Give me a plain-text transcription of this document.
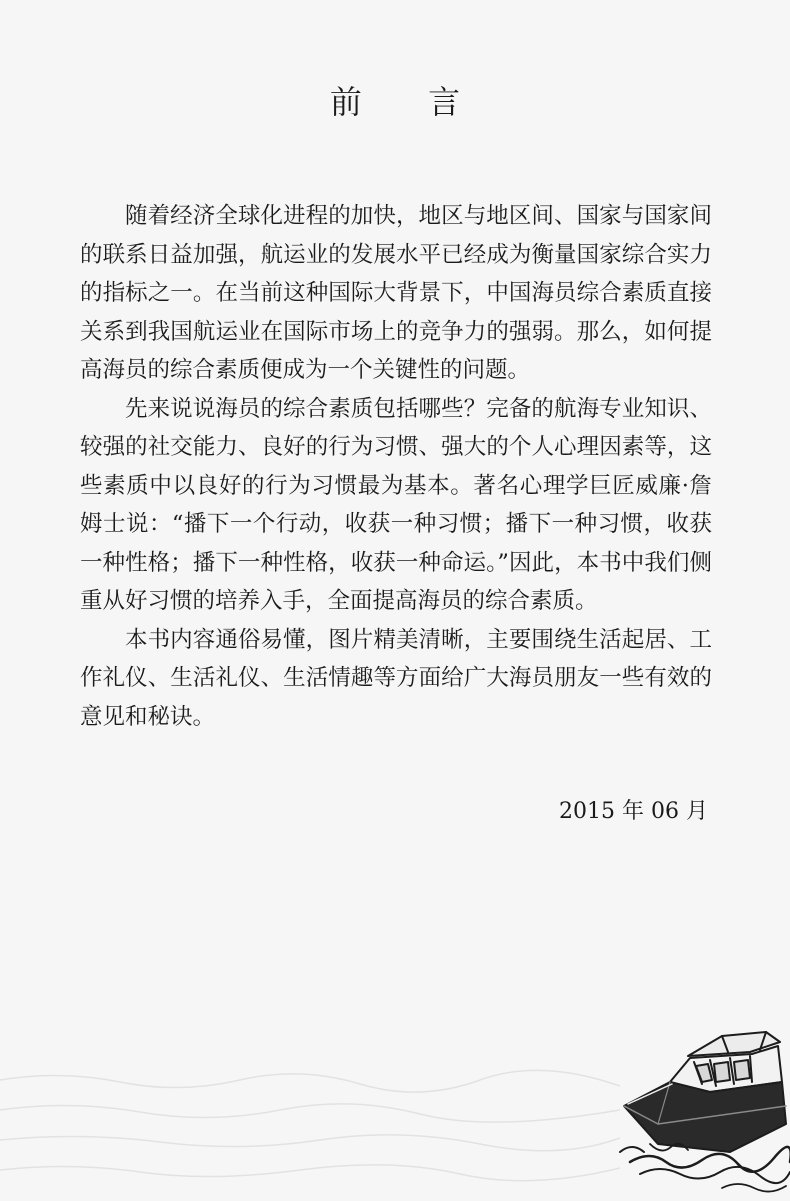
前 言

随着经济全球化进程的加快，地区与地区间、国家与国家间的联系日益加强，航运业的发展水平已经成为衡量国家综合实力的指标之一。在当前这种国际大背景下，中国海员综合素质直接关系到我国航运业在国际市场上的竞争力的强弱。那么，如何提高海员的综合素质便成为一个关键性的问题。

先来说说海员的综合素质包括哪些？完备的航海专业知识、较强的社交能力、良好的行为习惯、强大的个人心理因素等，这些素质中以良好的行为习惯最为基本。著名心理学巨匠威廉·詹姆士说：“播下一个行动，收获一种习惯；播下一种习惯，收获一种性格；播下一种性格，收获一种命运。”因此，本书中我们侧重从好习惯的培养入手，全面提高海员的综合素质。

本书内容通俗易懂，图片精美清晰，主要围绕生活起居、工作礼仪、生活礼仪、生活情趣等方面给广大海员朋友一些有效的意见和秘诀。

2015 年 06 月
